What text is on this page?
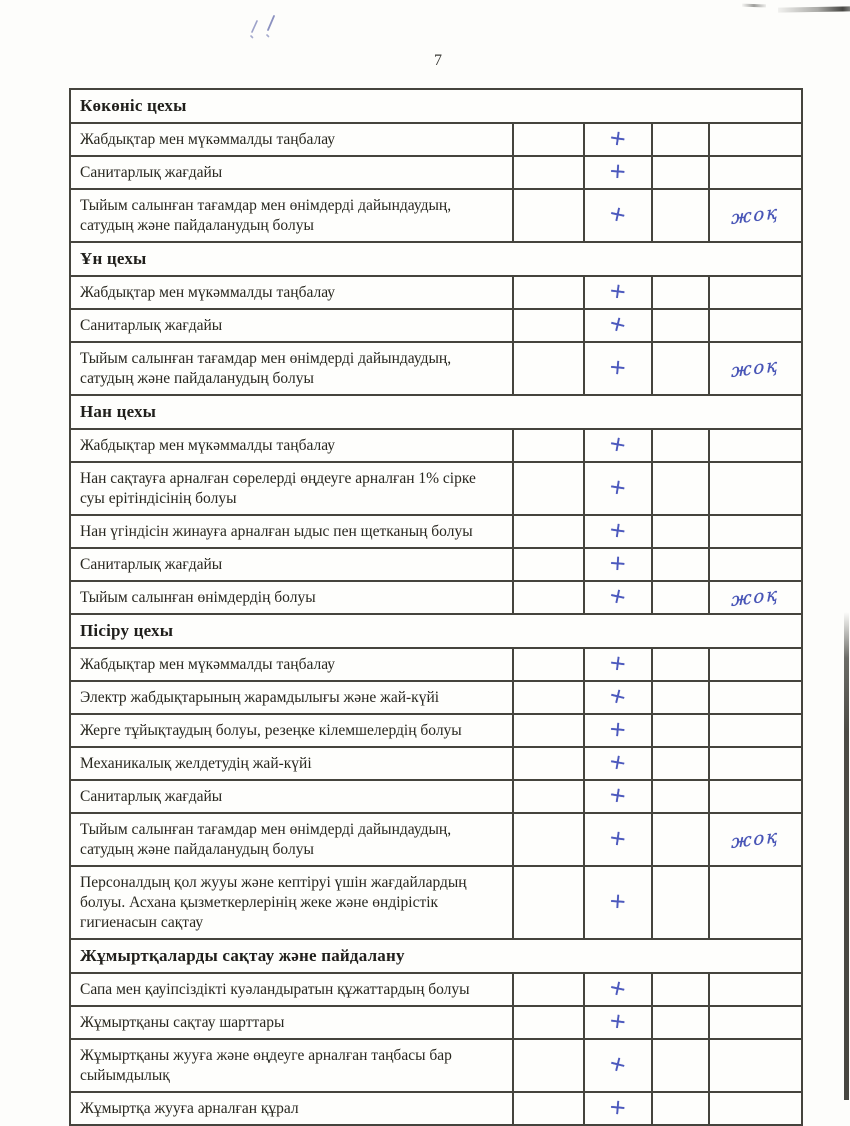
7
Көкөніс цехы				
Жабдықтар мен мүкәммалды таңбалау		+		
Санитарлық жағдайы		+		
Тыйым салынған тағамдар мен өнімдерді дайындаудың, сатудың және пайдаланудың болуы		+		жоқ
Ұн цехы				
Жабдықтар мен мүкәммалды таңбалау		+		
Санитарлық жағдайы		+		
Тыйым салынған тағамдар мен өнімдерді дайындаудың, сатудың және пайдаланудың болуы		+		жоқ
Нан цехы				
Жабдықтар мен мүкәммалды таңбалау		+		
Нан сақтауға арналған сөрелерді өңдеуге арналған 1% сірке суы ерітіндісінің болуы		+		
Нан үгіндісін жинауға арналған ыдыс пен щетканың болуы		+		
Санитарлық жағдайы		+		
Тыйым салынған өнімдердің болуы		+		жоқ
Пісіру цехы				
Жабдықтар мен мүкәммалды таңбалау		+		
Электр жабдықтарының жарамдылығы және жай-күйі		+		
Жерге тұйықтаудың болуы, резеңке кілемшелердің болуы		+		
Механикалық желдетудің жай-күйі		+		
Санитарлық жағдайы		+		
Тыйым салынған тағамдар мен өнімдерді дайындаудың, сатудың және пайдаланудың болуы		+		жоқ
Персоналдың қол жууы және кептіруі үшін жағдайлардың болуы. Асхана қызметкерлерінің жеке және өндірістік гигиенасын сақтау		+		
Жұмыртқаларды сақтау және пайдалану				
Сапа мен қауіпсіздікті куәландыратын құжаттардың болуы		+		
Жұмыртқаны сақтау шарттары		+		
Жұмыртқаны жууға және өңдеуге арналған таңбасы бар сыйымдылық		+		
Жұмыртқа жууға арналған құрал		+		
